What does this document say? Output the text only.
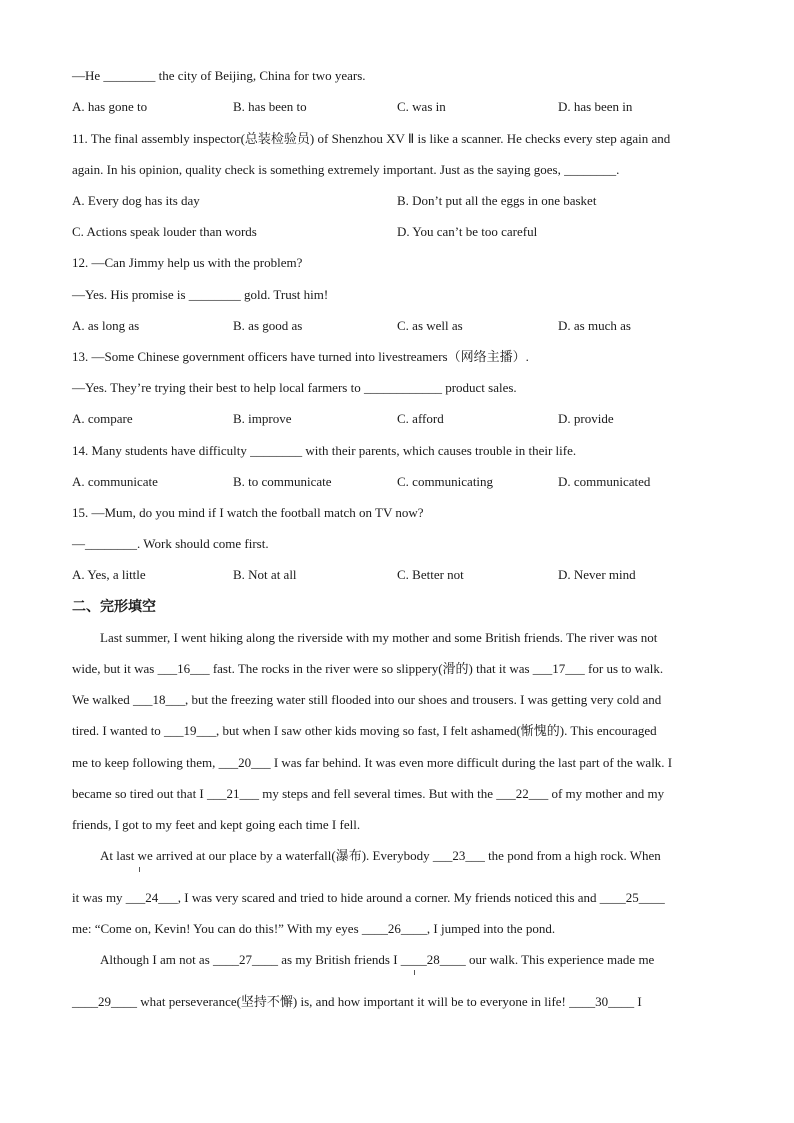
—He ________ the city of Beijing, China for two years.
A. has gone to	B. has been to	C. was in	D. has been in
11. The final assembly inspector(总装检验员) of Shenzhou XV Ⅱ is like a scanner. He checks every step again and
again. In his opinion, quality check is something extremely important. Just as the saying goes, ________.
A. Every dog has its day	B. Don’t put all the eggs in one basket
C. Actions speak louder than words	D. You can’t be too careful
12. —Can Jimmy help us with the problem?
—Yes. His promise is ________ gold. Trust him!
A. as long as	B. as good as	C. as well as	D. as much as
13. —Some Chinese government officers have turned into livestreamers（网络主播）.
—Yes. They’re trying their best to help local farmers to ____________ product sales.
A. compare	B. improve	C. afford	D. provide
14. Many students have difficulty ________ with their parents, which causes trouble in their life.
A. communicate	B. to communicate	C. communicating	D. communicated
15. —Mum, do you mind if I watch the football match on TV now?
—________. Work should come first.
A. Yes, a little	B. Not at all	C. Better not	D. Never mind
二、完形填空
Last summer, I went hiking along the riverside with my mother and some British friends. The river was not
wide, but it was ___16___ fast. The rocks in the river were so slippery(滑的) that it was ___17___ for us to walk.
We walked ___18___, but the freezing water still flooded into our shoes and trousers. I was getting very cold and
tired. I wanted to ___19___, but when I saw other kids moving so fast, I felt ashamed(惭愧的). This encouraged
me to keep following them, ___20___ I was far behind. It was even more difficult during the last part of the walk. I
became so tired out that I ___21___ my steps and fell several times. But with the ___22___ of my mother and my
friends, I got to my feet and kept going each time I fell.
At last we arrived at our place by a waterfall(瀑布). Everybody ___23___ the pond from a high rock. When
it was my ___24___, I was very scared and tried to hide around a corner. My friends noticed this and ____25____
me: “Come on, Kevin! You can do this!” With my eyes ____26____, I jumped into the pond.
Although I am not as ____27____ as my British friends I ____28____ our walk. This experience made me
____29____ what perseverance(坚持不懈) is, and how important it will be to everyone in life! ____30____ I
